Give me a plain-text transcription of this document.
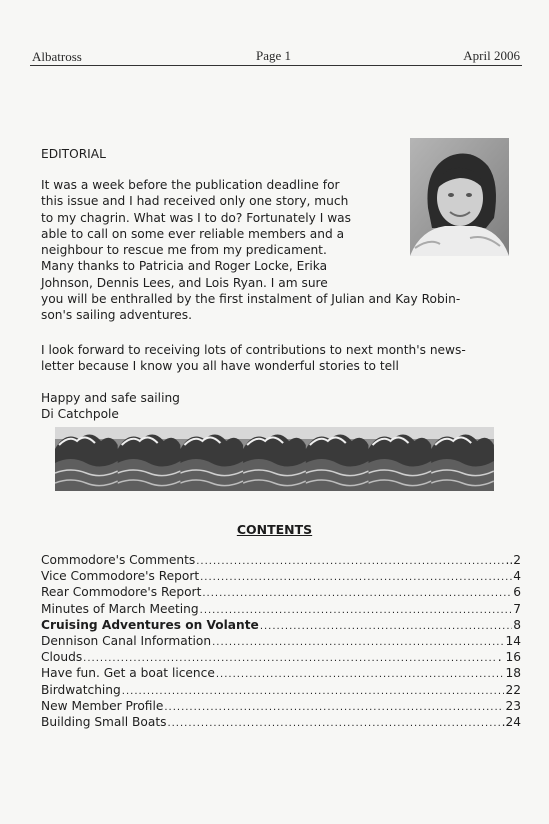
Albatross	Page 1	April 2006
EDITORIAL
It was a week before the publication deadline for
this issue and I had received only one story, much
to my chagrin. What was I to do? Fortunately I was
able to call on some ever reliable members and a
neighbour to rescue me from my predicament.
Many thanks to Patricia and Roger Locke, Erika
Johnson, Dennis Lees, and Lois Ryan. I am sure
you will be enthralled by the first instalment of Julian and Kay Robin-
son's sailing adventures.
I look forward to receiving lots of contributions to next month's news-
letter because I know you all have wonderful stories to tell
Happy and safe sailing
Di Catchpole
CONTENTS
Commodore's Comments .....	..2
Vice Commodore's Report .....	4
Rear Commodore's Report .....	6
Minutes of March Meeting .....	7
Cruising Adventures on Volante .....	8
Dennison Canal Information .....	14
Clouds .....	. 16
Have fun. Get a boat licence .....	18
Birdwatching .....	22
New Member Profile .....	23
Building Small Boats .....	.24
